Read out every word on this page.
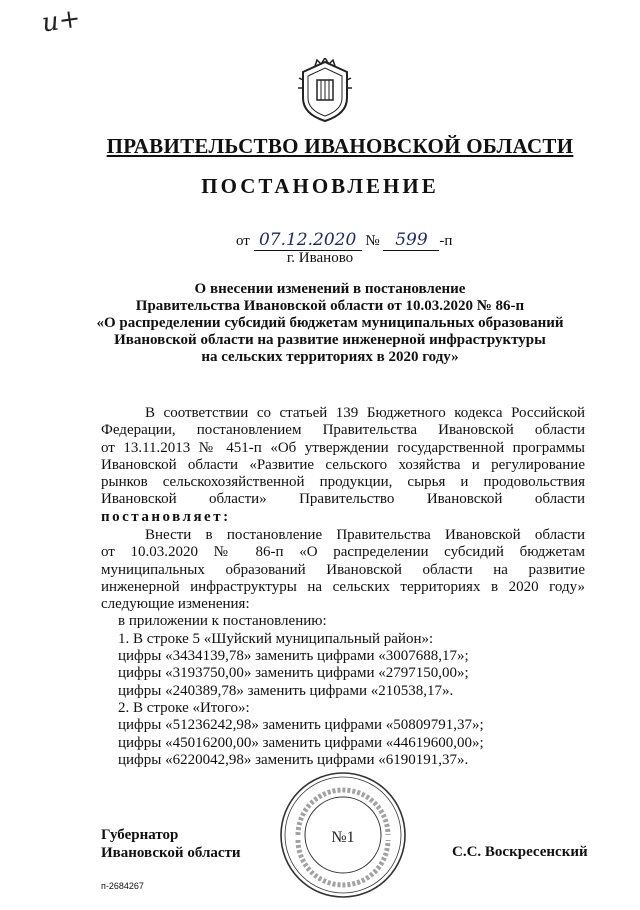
и+
ПРАВИТЕЛЬСТВО ИВАНОВСКОЙ ОБЛАСТИ
ПОСТАНОВЛЕНИЕ
от 07.12.2020 № 599 -п
г. Иваново
О внесении изменений в постановление
Правительства Ивановской области от 10.03.2020 № 86-п
«О распределении субсидий бюджетам муниципальных образований
Ивановской области на развитие инженерной инфраструктуры
на сельских территориях в 2020 году»
В соответствии со статьей 139 Бюджетного кодекса Российской
Федерации, постановлением Правительства Ивановской области
от 13.11.2013 № 451-п «Об утверждении государственной программы
Ивановской области «Развитие сельского хозяйства и регулирование
рынков сельскохозяйственной продукции, сырья и продовольствия
Ивановской области» Правительство Ивановской области
постановляет:
Внести в постановление Правительства Ивановской области
от 10.03.2020 № 86-п «О распределении субсидий бюджетам
муниципальных образований Ивановской области на развитие
инженерной инфраструктуры на сельских территориях в 2020 году»
следующие изменения:
в приложении к постановлению:
1. В строке 5 «Шуйский муниципальный район»:
цифры «3434139,78» заменить цифрами «3007688,17»;
цифры «3193750,00» заменить цифрами «2797150,00»;
цифры «240389,78» заменить цифрами «210538,17».
2. В строке «Итого»:
цифры «51236242,98» заменить цифрами «50809791,37»;
цифры «45016200,00» заменить цифрами «44619600,00»;
цифры «6220042,98» заменить цифрами «6190191,37».
№1
Губернатор
Ивановской области	С.С. Воскресенский
п-2684267
